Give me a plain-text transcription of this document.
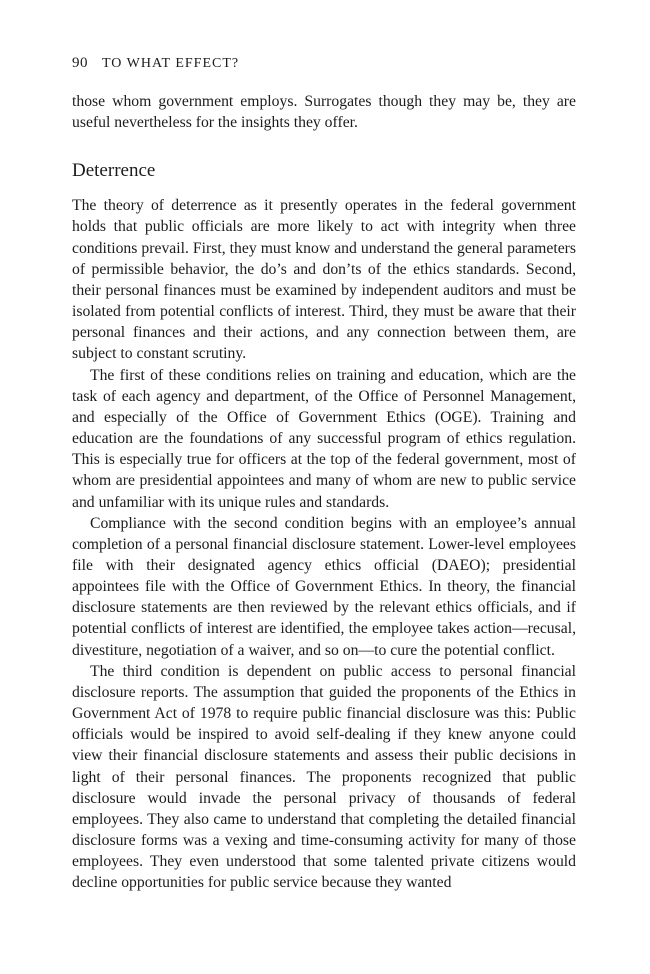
90 TO WHAT EFFECT?

those whom government employs. Surrogates though they may be, they are useful nevertheless for the insights they offer.

Deterrence

The theory of deterrence as it presently operates in the federal government holds that public officials are more likely to act with integrity when three conditions prevail. First, they must know and understand the general parameters of permissible behavior, the do’s and don’ts of the ethics standards. Second, their personal finances must be examined by independent auditors and must be isolated from potential conflicts of interest. Third, they must be aware that their personal finances and their actions, and any connection between them, are subject to constant scrutiny.

The first of these conditions relies on training and education, which are the task of each agency and department, of the Office of Personnel Management, and especially of the Office of Government Ethics (OGE). Training and education are the foundations of any successful program of ethics regulation. This is especially true for officers at the top of the federal government, most of whom are presidential appointees and many of whom are new to public service and unfamiliar with its unique rules and standards.

Compliance with the second condition begins with an employee’s annual completion of a personal financial disclosure statement. Lower-level employees file with their designated agency ethics official (DAEO); presidential appointees file with the Office of Government Ethics. In theory, the financial disclosure statements are then reviewed by the relevant ethics officials, and if potential conflicts of interest are identified, the employee takes action—recusal, divestiture, negotiation of a waiver, and so on—to cure the potential conflict.

The third condition is dependent on public access to personal financial disclosure reports. The assumption that guided the proponents of the Ethics in Government Act of 1978 to require public financial disclosure was this: Public officials would be inspired to avoid self-dealing if they knew anyone could view their financial disclosure statements and assess their public decisions in light of their personal finances. The proponents recognized that public disclosure would invade the personal privacy of thousands of federal employees. They also came to understand that completing the detailed financial disclosure forms was a vexing and time-consuming activity for many of those employees. They even understood that some talented private citizens would decline opportunities for public service because they wanted
